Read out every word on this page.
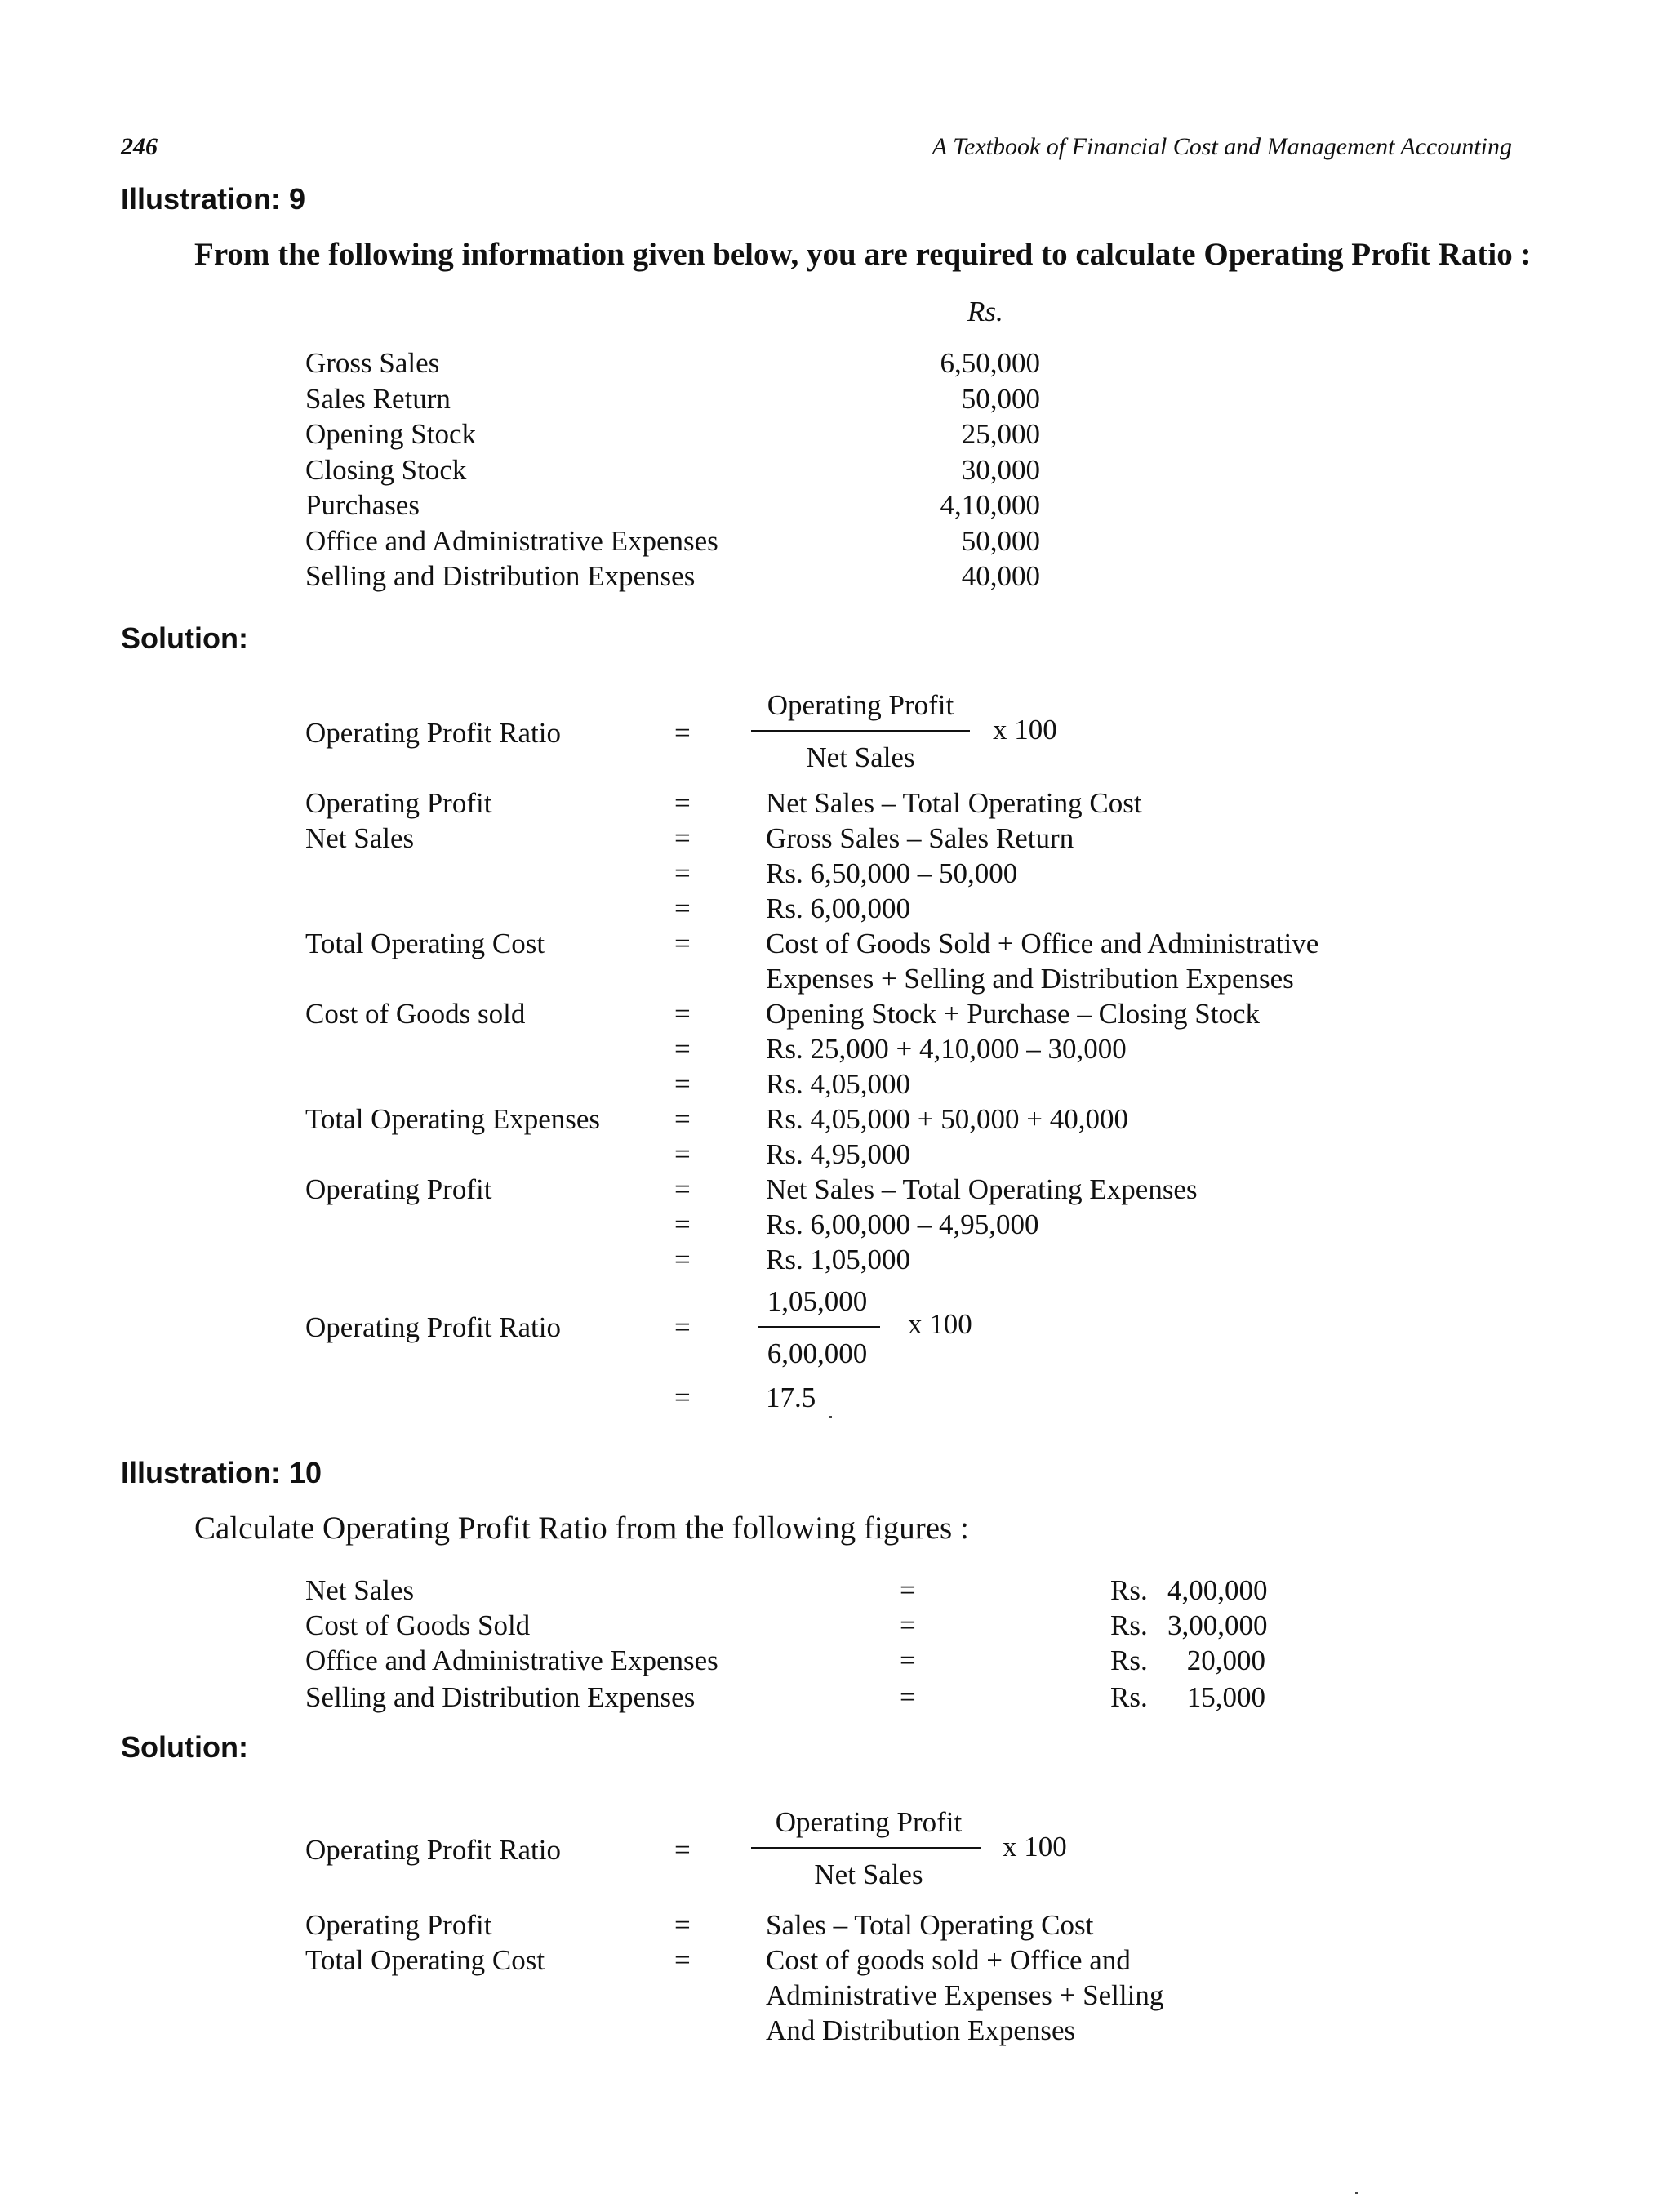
246	A Textbook of Financial Cost and Management Accounting
Illustration: 9
From the following information given below, you are required to calculate Operating Profit Ratio :
Rs.
Gross Sales	6,50,000
Sales Return	50,000
Opening Stock	25,000
Closing Stock	30,000
Purchases	4,10,000
Office and Administrative Expenses	50,000
Selling and Distribution Expenses	40,000
Solution:
Operating Profit Ratio	=
Operating Profit
Net Sales
x 100
Operating Profit	=	Net Sales – Total Operating Cost
Net Sales	=	Gross Sales – Sales Return
=	Rs. 6,50,000 – 50,000
=	Rs. 6,00,000
Total Operating Cost	=	Cost of Goods Sold + Office and Administrative
Expenses + Selling and Distribution Expenses
Cost of Goods sold	=	Opening Stock + Purchase – Closing Stock
=	Rs. 25,000 + 4,10,000 – 30,000
=	Rs. 4,05,000
Total Operating Expenses	=	Rs. 4,05,000 + 50,000 + 40,000
=	Rs. 4,95,000
Operating Profit	=	Net Sales – Total Operating Expenses
=	Rs. 6,00,000 – 4,95,000
=	Rs. 1,05,000
Operating Profit Ratio	=
1,05,000
6,00,000
x 100
=	17.5
Illustration: 10
Calculate Operating Profit Ratio from the following figures :
Net Sales	=	Rs. 4,00,000
Cost of Goods Sold	=	Rs. 3,00,000
Office and Administrative Expenses	=	Rs.	20,000
Selling and Distribution Expenses	=	Rs.	15,000
Solution:
Operating Profit Ratio	=
Operating Profit
Net Sales
x 100
Operating Profit	=	Sales – Total Operating Cost
Total Operating Cost	=	Cost of goods sold + Office and
Administrative Expenses + Selling
And Distribution Expenses
